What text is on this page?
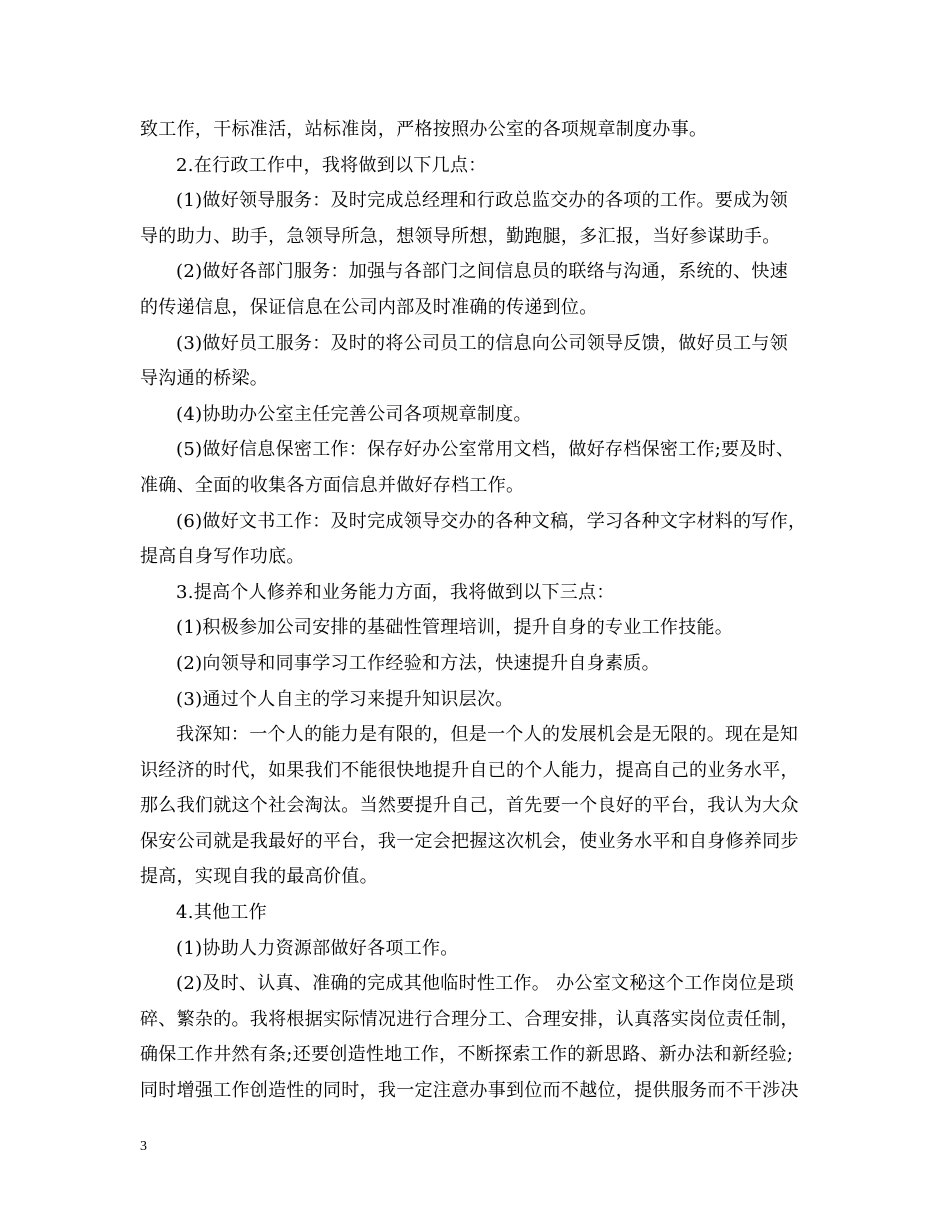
致工作，干标准活，站标准岗，严格按照办公室的各项规章制度办事。
2.在行政工作中，我将做到以下几点：
(1)做好领导服务：及时完成总经理和行政总监交办的各项的工作。要成为领
导的助力、助手，急领导所急，想领导所想，勤跑腿，多汇报，当好参谋助手。
(2)做好各部门服务：加强与各部门之间信息员的联络与沟通，系统的、快速
的传递信息，保证信息在公司内部及时准确的传递到位。
(3)做好员工服务：及时的将公司员工的信息向公司领导反馈，做好员工与领
导沟通的桥梁。
(4)协助办公室主任完善公司各项规章制度。
(5)做好信息保密工作：保存好办公室常用文档，做好存档保密工作;要及时、
准确、全面的收集各方面信息并做好存档工作。
(6)做好文书工作：及时完成领导交办的各种文稿，学习各种文字材料的写作，
提高自身写作功底。
3.提高个人修养和业务能力方面，我将做到以下三点：
(1)积极参加公司安排的基础性管理培训，提升自身的专业工作技能。
(2)向领导和同事学习工作经验和方法，快速提升自身素质。
(3)通过个人自主的学习来提升知识层次。
我深知：一个人的能力是有限的，但是一个人的发展机会是无限的。现在是知
识经济的时代，如果我们不能很快地提升自已的个人能力，提高自己的业务水平，
那么我们就这个社会淘汰。当然要提升自己，首先要一个良好的平台，我认为大众
保安公司就是我最好的平台，我一定会把握这次机会，使业务水平和自身修养同步
提高，实现自我的最高价值。
4.其他工作
(1)协助人力资源部做好各项工作。
(2)及时、认真、准确的完成其他临时性工作。 办公室文秘这个工作岗位是琐
碎、繁杂的。我将根据实际情况进行合理分工、合理安排，认真落实岗位责任制，
确保工作井然有条;还要创造性地工作，不断探索工作的新思路、新办法和新经验;
同时增强工作创造性的同时，我一定注意办事到位而不越位，提供服务而不干涉决
3
